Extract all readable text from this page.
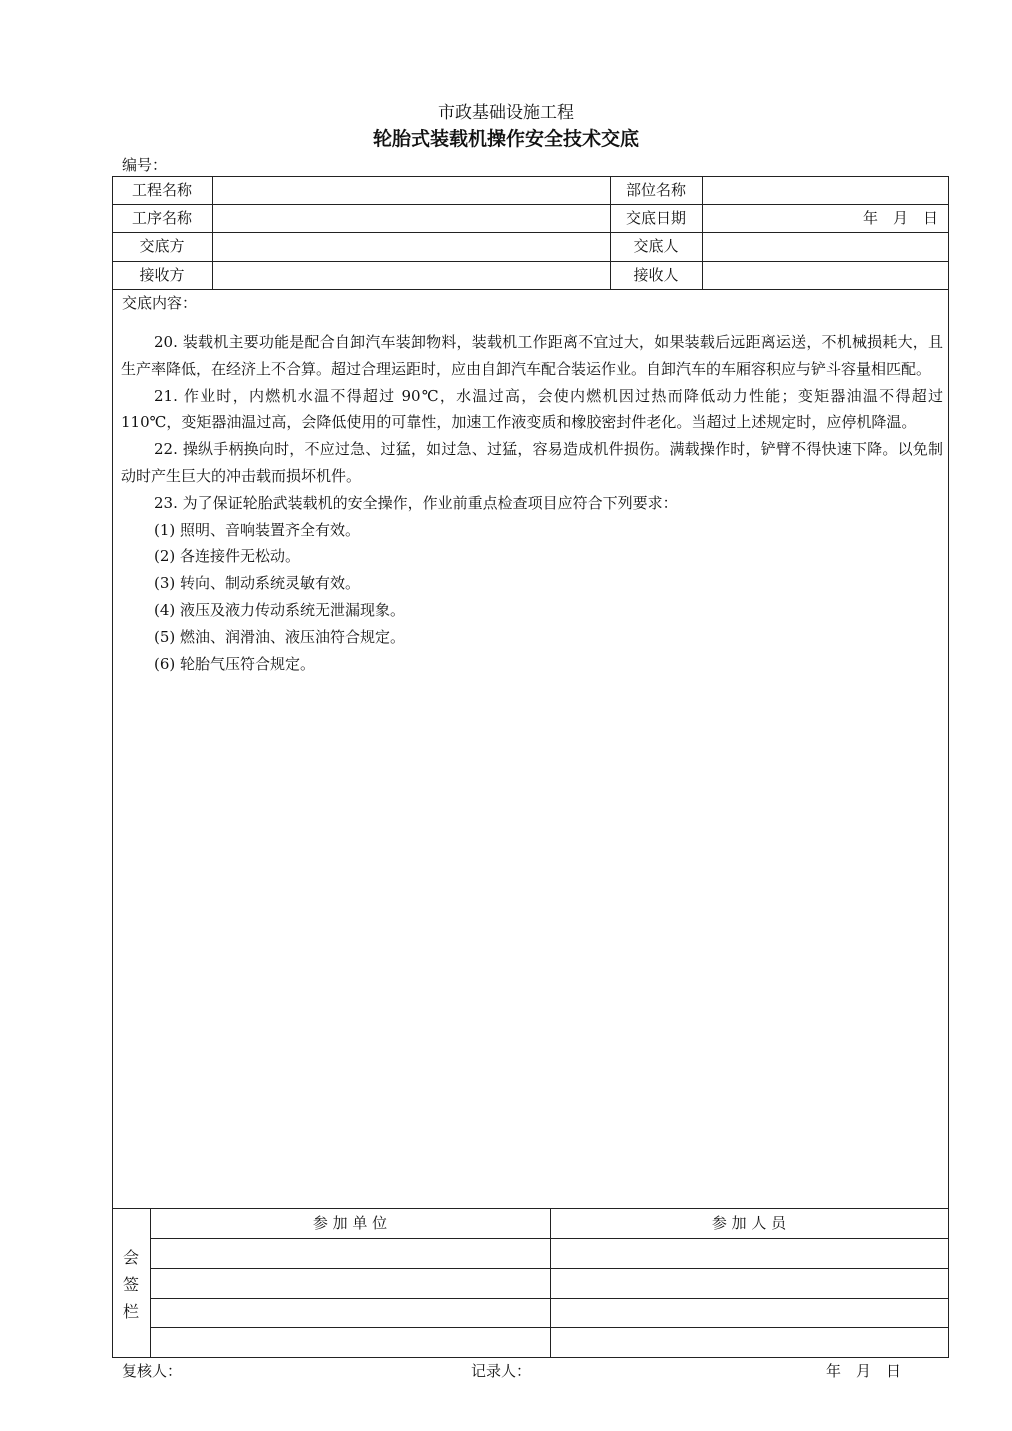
市政基础设施工程
轮胎式装载机操作安全技术交底
编号：
工程名称	部位名称
工序名称	交底日期	年　月　日
交底方	交底人
接收方	接收人
交底内容：

20. 装载机主要功能是配合自卸汽车装卸物料，装载机工作距离不宜过大，如果装载后远距离运送，不机械损耗大，且生产率降低，在经济上不合算。超过合理运距时，应由自卸汽车配合装运作业。自卸汽车的车厢容积应与铲斗容量相匹配。

21. 作业时，内燃机水温不得超过 90℃，水温过高，会使内燃机因过热而降低动力性能；变矩器油温不得超过 110℃，变矩器油温过高，会降低使用的可靠性，加速工作液变质和橡胶密封件老化。当超过上述规定时，应停机降温。

22. 操纵手柄换向时，不应过急、过猛，如过急、过猛，容易造成机件损伤。满载操作时，铲臂不得快速下降。以免制动时产生巨大的冲击载而损坏机件。

23. 为了保证轮胎武装载机的安全操作，作业前重点检查项目应符合下列要求：

(1) 照明、音响装置齐全有效。

(2) 各连接件无松动。

(3) 转向、制动系统灵敏有效。

(4) 液压及液力传动系统无泄漏现象。

(5) 燃油、润滑油、液压油符合规定。

(6) 轮胎气压符合规定。

会
签
栏
参 加 单 位	参 加 人 员
复核人：	记录人：	年　月　日
